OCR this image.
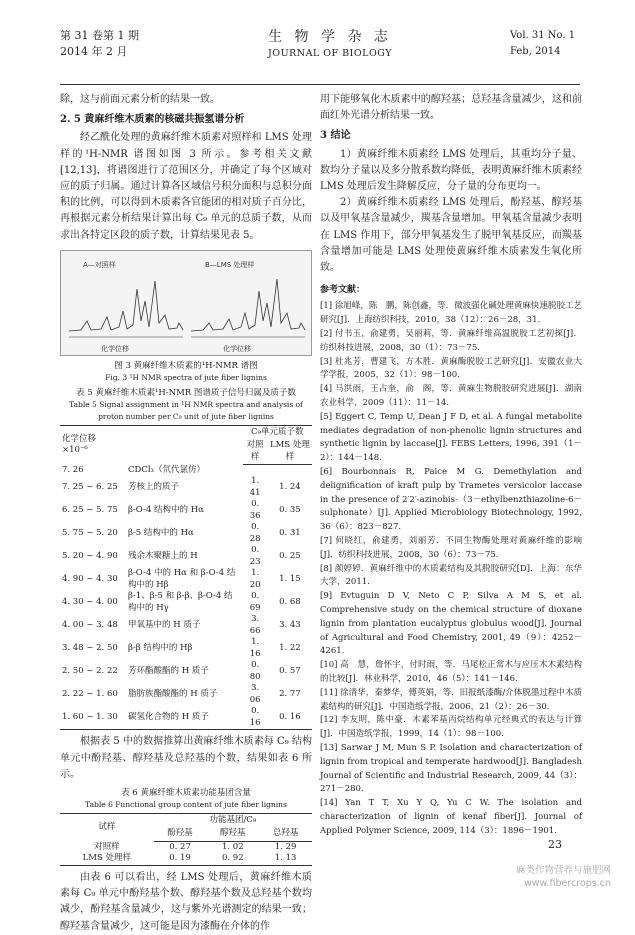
第 31 卷第 1 期
2014 年 2 月
生 物 学 杂 志
JOURNAL OF BIOLOGY
Vol. 31 No. 1
Feb, 2014

除，这与前面元素分析的结果一致。

2. 5 黄麻纤维木质素的核磁共振氢谱分析

经乙酰化处理的黄麻纤维木质素对照样和 LMS 处理样的¹H-NMR 谱图如图 3 所示。参考相关文献[12,13]，将谱图进行了范围区分，并确定了每个区域对应的质子归属。通过计算各区域信号积分面积与总积分面积的比例，可以得到木质素各官能团的相对质子百分比，再根据元素分析结果计算出每 C₉ 单元的总质子数，从而求出各特定区段的质子数，计算结果见表 5。

A—对照样	B—LMS 处理样
化学位移	化学位移
图 3 黄麻纤维木质素的¹H-NMR 谱图
Fig. 3 ¹H NMR spectra of jute fiber lignins
表 5 黄麻纤维木质素¹H-NMR 图谱质子信号归属及质子数
Table 5 Signal assignment in ¹H NMR spectra and analysis of proton number per C₉ unit of jute fiber lignins
化学位移
×10⁻⁶		C₉单元质子数	
		对照样	LMS 处理样
7. 26	CDCl₃（氘代氯仿）		
7. 25 ~ 6. 25	芳核上的质子	1. 41	1. 24
6. 25 ~ 5. 75	β-O-4 结构中的 Hα	0. 36	0. 35
5. 75 ~ 5. 20	β-5 结构中的 Hα	0. 28	0. 31
5. 20 ~ 4. 90	残余木聚糖上的 H	0. 23	0. 25
4. 90 ~ 4. 30	β-O-4 中的 Hα 和 β-O-4 结构中的 Hβ	1. 20	1. 15
4. 30 ~ 4. 00	β-1、β-5 和 β-β、β-O-4 结构中的 Hγ	0. 69	0. 68
4. 00 ~ 3. 48	甲氧基中的 H 质子	3. 66	3. 43
3. 48 ~ 2. 50	β-β 结构中的 Hβ	1. 16	1. 22
2. 50 ~ 2. 22	芳环酯酸酯的 H 质子	0. 80	0. 57
2. 22 ~ 1. 60	脂肪族酯酸酯的 H 质子	3. 06	2. 77
1. 60 ~ 1. 30	碳氢化合物的 H 质子	0. 16	0. 16

根据表 5 中的数据推算出黄麻纤维木质素每 C₉ 结构单元中酚羟基、醇羟基及总羟基的个数，结果如表 6 所示。

表 6 黄麻纤维木质素功能基团含量
Table 6 Functional group content of jute fiber lignins
试样	功能基团/C₉		
	酚羟基	醇羟基	总羟基
对照样	0. 27	1. 02	1. 29
LMS 处理样	0. 19	0. 92	1. 13

由表 6 可以看出，经 LMS 处理后，黄麻纤维木质素每 C₉ 单元中酚羟基个数、醇羟基个数及总羟基个数均减少，酚羟基含量减少，这与紫外光谱测定的结果一致；醇羟基含量减少，这可能是因为漆酶在介体的作

用下能够氧化木质素中的醇羟基；总羟基含量减少，这和前面红外光谱分析结果一致。

3 结论

1）黄麻纤维木质素经 LMS 处理后，其重均分子量、数均分子量以及多分散系数均降低，表明黄麻纤维木质素经 LMS 处理后发生降解反应，分子量的分布更均一。

2）黄麻纤维木质素经 LMS 处理后，酚羟基、醇羟基以及甲氧基含量减少，羰基含量增加。甲氧基含量减少表明在 LMS 作用下，部分甲氧基发生了脱甲氧基反应，而羰基含量增加可能是 LMS 处理使黄麻纤维木质素发生氧化所致。

参考文献：

[1] 徐旭峰，陈　鹏，陈创鑫，等．微波强化碱处理黄麻快速脱胶工艺研究[J]．上海纺织科技，2010，38（12）：26－28，31.

[2] 付书玉，俞建勇，吴丽莉，等．黄麻纤维高温脱胶工艺初探[J]．纺织科技进展，2008，30（1）：73－75.

[3] 杜兆芳，曹建飞，方木胜．黄麻酶脱胶工艺研究[J]．安徽农业大学学报，2005，32（1）：98－100.

[4] 马洪雨，王占奎，俞　阁，等．黄麻生物脱胶研究进展[J]．湖南农业科学，2009（11）：11－14.

[5] Eggert C, Temp U, Dean J F D, et al. A fungal metabolite mediates degradation of non-phenolic lignin structures and synthetic lignin by laccase[J]. FEBS Letters, 1996, 391（1－2）：144－148.

[6] Bourbonnais R, Paice M G. Demethylation and delignification of kraft pulp by Trametes versicolor laccase in the presence of 2′2′-azinobis-（3－ethylbenzthiazoline-6－sulphonate）[J]. Applied Microbiology Biotechnology, 1992, 36（6）：823－827.

[7] 何晓红，俞建勇，刘丽芳．不同生物酶处理对黄麻纤维的影响[J]．纺织科技进展，2008，30（6）：73－75.

[8] 颜婷婷．黄麻纤维中的木质素结构及其脱胶研究[D]．上海：东华大学，2011.

[9] Evtuguin D V, Neto C P, Silva A M S, et al. Comprehensive study on the chemical structure of dioxane lignin from plantation eucalyptus globulus wood[J]. Journal of Agricultural and Food Chemistry, 2001, 49（9）：4252－4261.

[10] 高　慧，詹怀宇，付时雨，等．马尾松正常木与应压木木素结构的比较[J]．林业科学，2010，46（5）：141－146.

[11] 徐清华，秦梦华，傅英娟，等．旧报纸漆酶/介体脱墨过程中木质素结构的研究[J]．中国造纸学报，2006，21（2）：26－30.

[12] 李友明，陈中豪．木素苯基丙烷结构单元经典式的表达与计算[J]．中国造纸学报，1999，14（1）：98－100.

[13] Sarwar J M, Mun S P. Isolation and characterization of lignin from tropical and temperate hardwood[J]. Bangladesh Journal of Scientific and Industrial Research, 2009, 44（3）：271－280.

[14] Yan T T, Xu Y Q, Yu C W. The isolation and characterization of lignin of kenaf fiber[J]. Journal of Applied Polymer Science, 2009, 114（3）：1896－1901.

23
麻类作物营养与施肥网
www.fibercrops.cn
